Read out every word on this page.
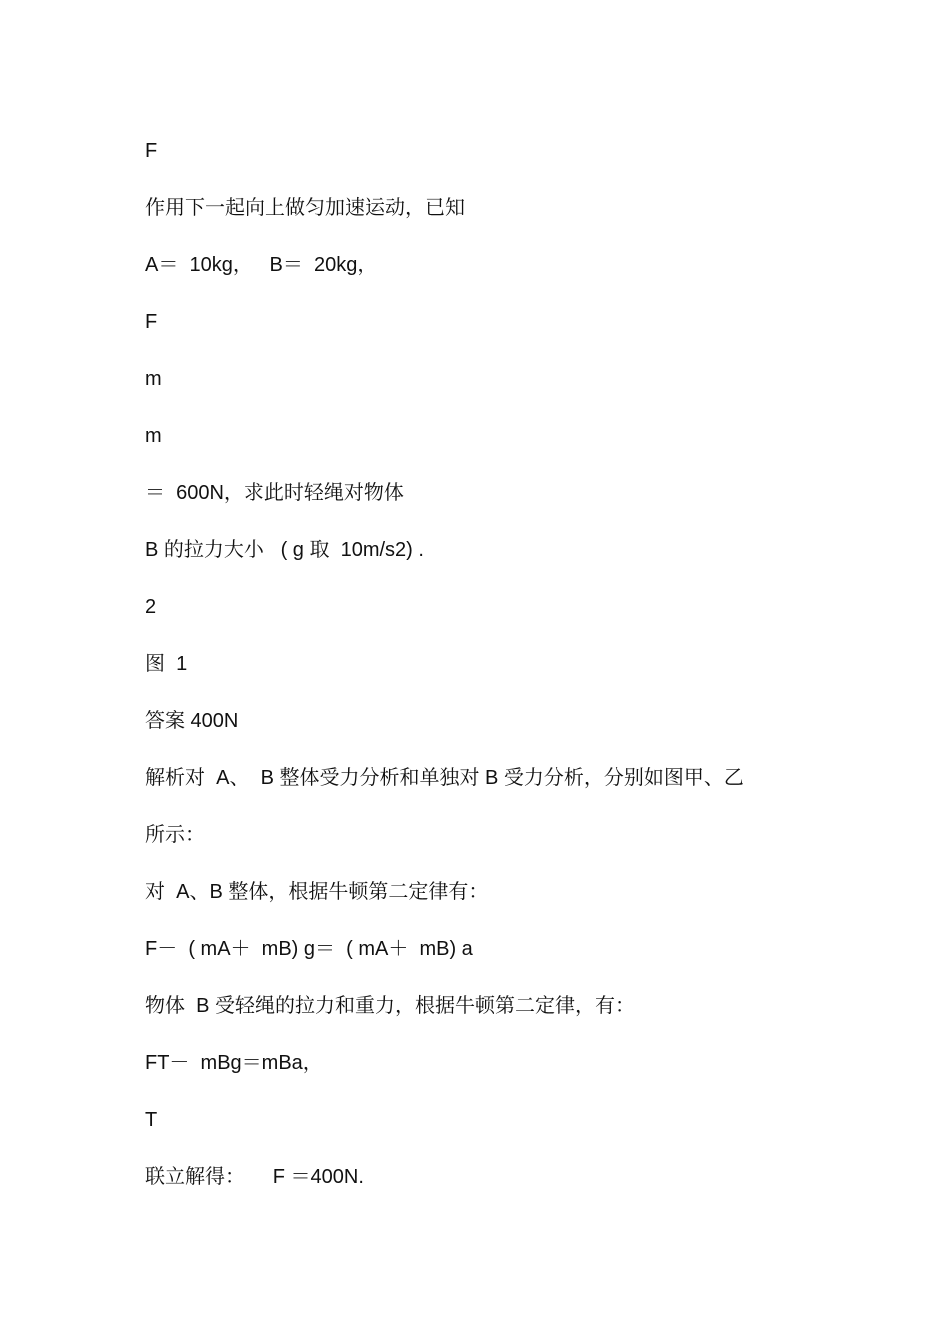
F

作用下一起向上做匀加速运动，已知

A＝  10kg，   B＝  20kg，

F

m

m

＝  600N，求此时轻绳对物体

B 的拉力大小   ( g 取  10m/s2) .

2

图  1

答案 400N

解析对  A、  B 整体受力分析和单独对 B 受力分析，分别如图甲、乙

所示：

对  A、B 整体，根据牛顿第二定律有：

F－  ( mA＋  mB) g＝  ( mA＋  mB) a

物体  B 受轻绳的拉力和重力，根据牛顿第二定律，有：

FT－  mBg＝mBa，

T

联立解得：     F ＝400N.
